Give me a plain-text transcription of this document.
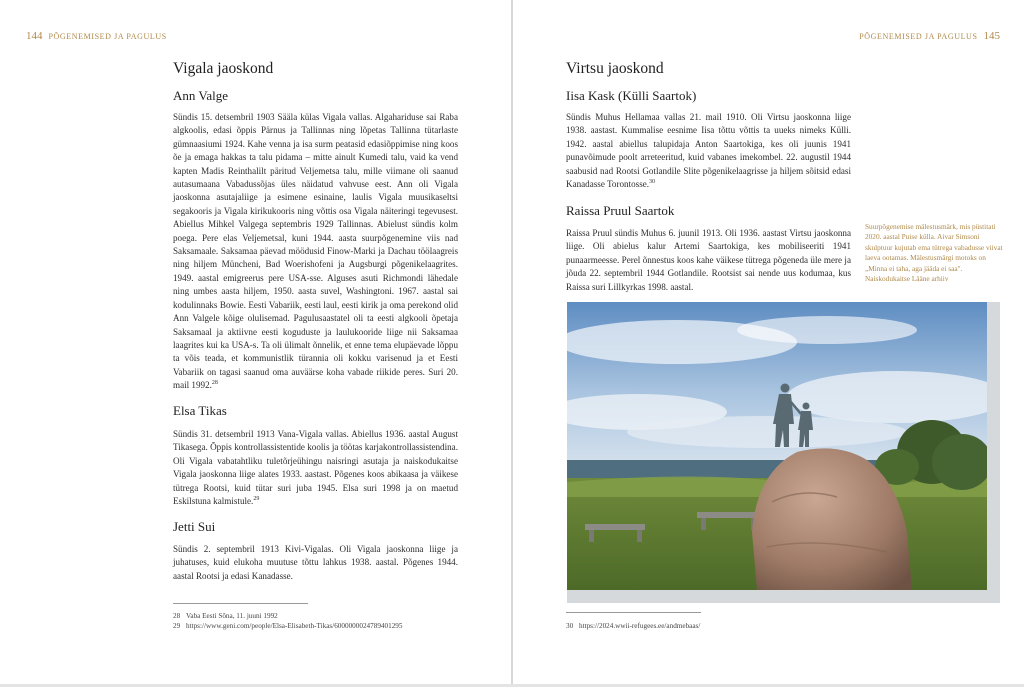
144 PÕGENEMISED JA PAGULUS
Vigala jaoskond
Ann Valge
Sündis 15. detsembril 1903 Sääla külas Vigala vallas. Algahariduse sai Raba algkoolis, edasi õppis Pärnus ja Tallinnas ning lõpetas Tallinna tütarlaste gümnaasiumi 1924. Kahe venna ja isa surm peatasid edasiõppimise ning koos õe ja emaga hakkas ta talu pidama – mitte ainult Kumedi talu, vaid ka vend kapten Madis Reinthalilt päritud Veljemetsa talu, mille viimane oli saanud autasumaana Vabadussõjas üles näidatud vahvuse eest. Ann oli Vigala jaoskonna asutajaliige ja esimene esinaine, laulis Vigala muusikaseltsi segakooris ja Vigala kirikukooris ning võttis osa Vigala näiteringi tegevusest. Abiellus Mihkel Valgega septembris 1929 Tallinnas. Abielust sündis kolm poega. Pere elas Veljemetsal, kuni 1944. aasta suurpõgenemine viis nad Saksamaale. Saksamaa päevad möödusid Finow-Marki ja Dachau töölaagreis ning hiljem Müncheni, Bad Woerishofeni ja Augsburgi põgenikelaagrites. 1949. aastal emigreerus pere USA-sse. Alguses asuti Richmondi lähedale ning umbes aasta hiljem, 1950. aasta suvel, Washingtoni. 1967. aastal sai kodulinnaks Bowie. Eesti Vabariik, eesti laul, eesti kirik ja oma perekond olid Ann Valgele kõige olulisemad. Pagulusaastatel oli ta eesti algkooli õpetaja Saksamaal ja aktiivne eesti koguduste ja laulukooride liige nii Saksamaa laagrites kui ka USA-s. Ta oli ülimalt õnnelik, et enne tema elupäevade lõppu ta võis teada, et kommunistlik türannia oli kokku varisenud ja et Eesti Vabariik on tagasi saanud oma auväärse koha vabade riikide peres. Suri 20. mail 1992.28
Elsa Tikas
Sündis 31. detsembril 1913 Vana-Vigala vallas. Abiellus 1936. aastal August Tikasega. Õppis kontrollassistentide koolis ja töötas karjakontrollassistendina. Oli Vigala vabatahtliku tuletõrjeühingu naisringi asutaja ja naiskodukaitse Vigala jaoskonna liige alates 1933. aastast. Põgenes koos abikaasa ja väikese tütrega Rootsi, kuid tütar suri juba 1945. Elsa suri 1998 ja on maetud Eskilstuna kalmistule.$^{29}$
Jetti Sui
Sündis 2. septembril 1913 Kivi-Vigalas. Oli Vigala jaoskonna liige ja juhatuses, kuid elukoha muutuse tõttu lahkus 1938. aastal. Põgenes 1944. aastal Rootsi ja edasi Kanadasse.
28 Vaba Eesti Sõna, 11. juuni 1992
29 https://www.geni.com/people/Elsa-Elisabeth-Tikas/6000000024789401295
PÕGENEMISED JA PAGULUS 145
Virtsu jaoskond
Iisa Kask (Külli Saartok)
Sündis Muhus Hellamaa vallas 21. mail 1910. Oli Virtsu jaoskonna liige 1938. aastast. Kummalise eesnime Iisa tõttu võttis ta uueks nimeks Külli. 1942. aastal abiellus talupidaja Anton Saartokiga, kes oli juunis 1941 punavõimude poolt arreteeritud, kuid vabanes imekombel. 22. augustil 1944 saabusid nad Rootsi Gotlandile Slite põgenikelaagrisse ja hiljem sõitsid edasi Kanadasse Torontosse.$^{30}$
Raissa Pruul Saartok
Raissa Pruul sündis Muhus 6. juunil 1913. Oli 1936. aastast Virtsu jaoskonna liige. Oli abielus kalur Artemi Saartokiga, kes mobiliseeriti 1941 punaarmeesse. Perel õnnestus koos kahe väikese tütrega põgeneda üle mere ja jõuda 22. septembril 1944 Gotlandile. Rootsist sai nende uus kodumaa, kus Raissa suri Lillkyrkas 1998. aastal.

Suurpõgenemise mälestusmärk, mis püstitati 2020. aastal Puise külla. Aivar Simsoni skulptuur kujutab ema tütrega vabadusse viivat laeva ootamas. Mälestusmärgi motoks on „Minna ei taha, aga jääda ei saa". Naiskodukaitse Lääne arhiiv

30 https://2024.wwii-refugees.ee/andmebaas/
